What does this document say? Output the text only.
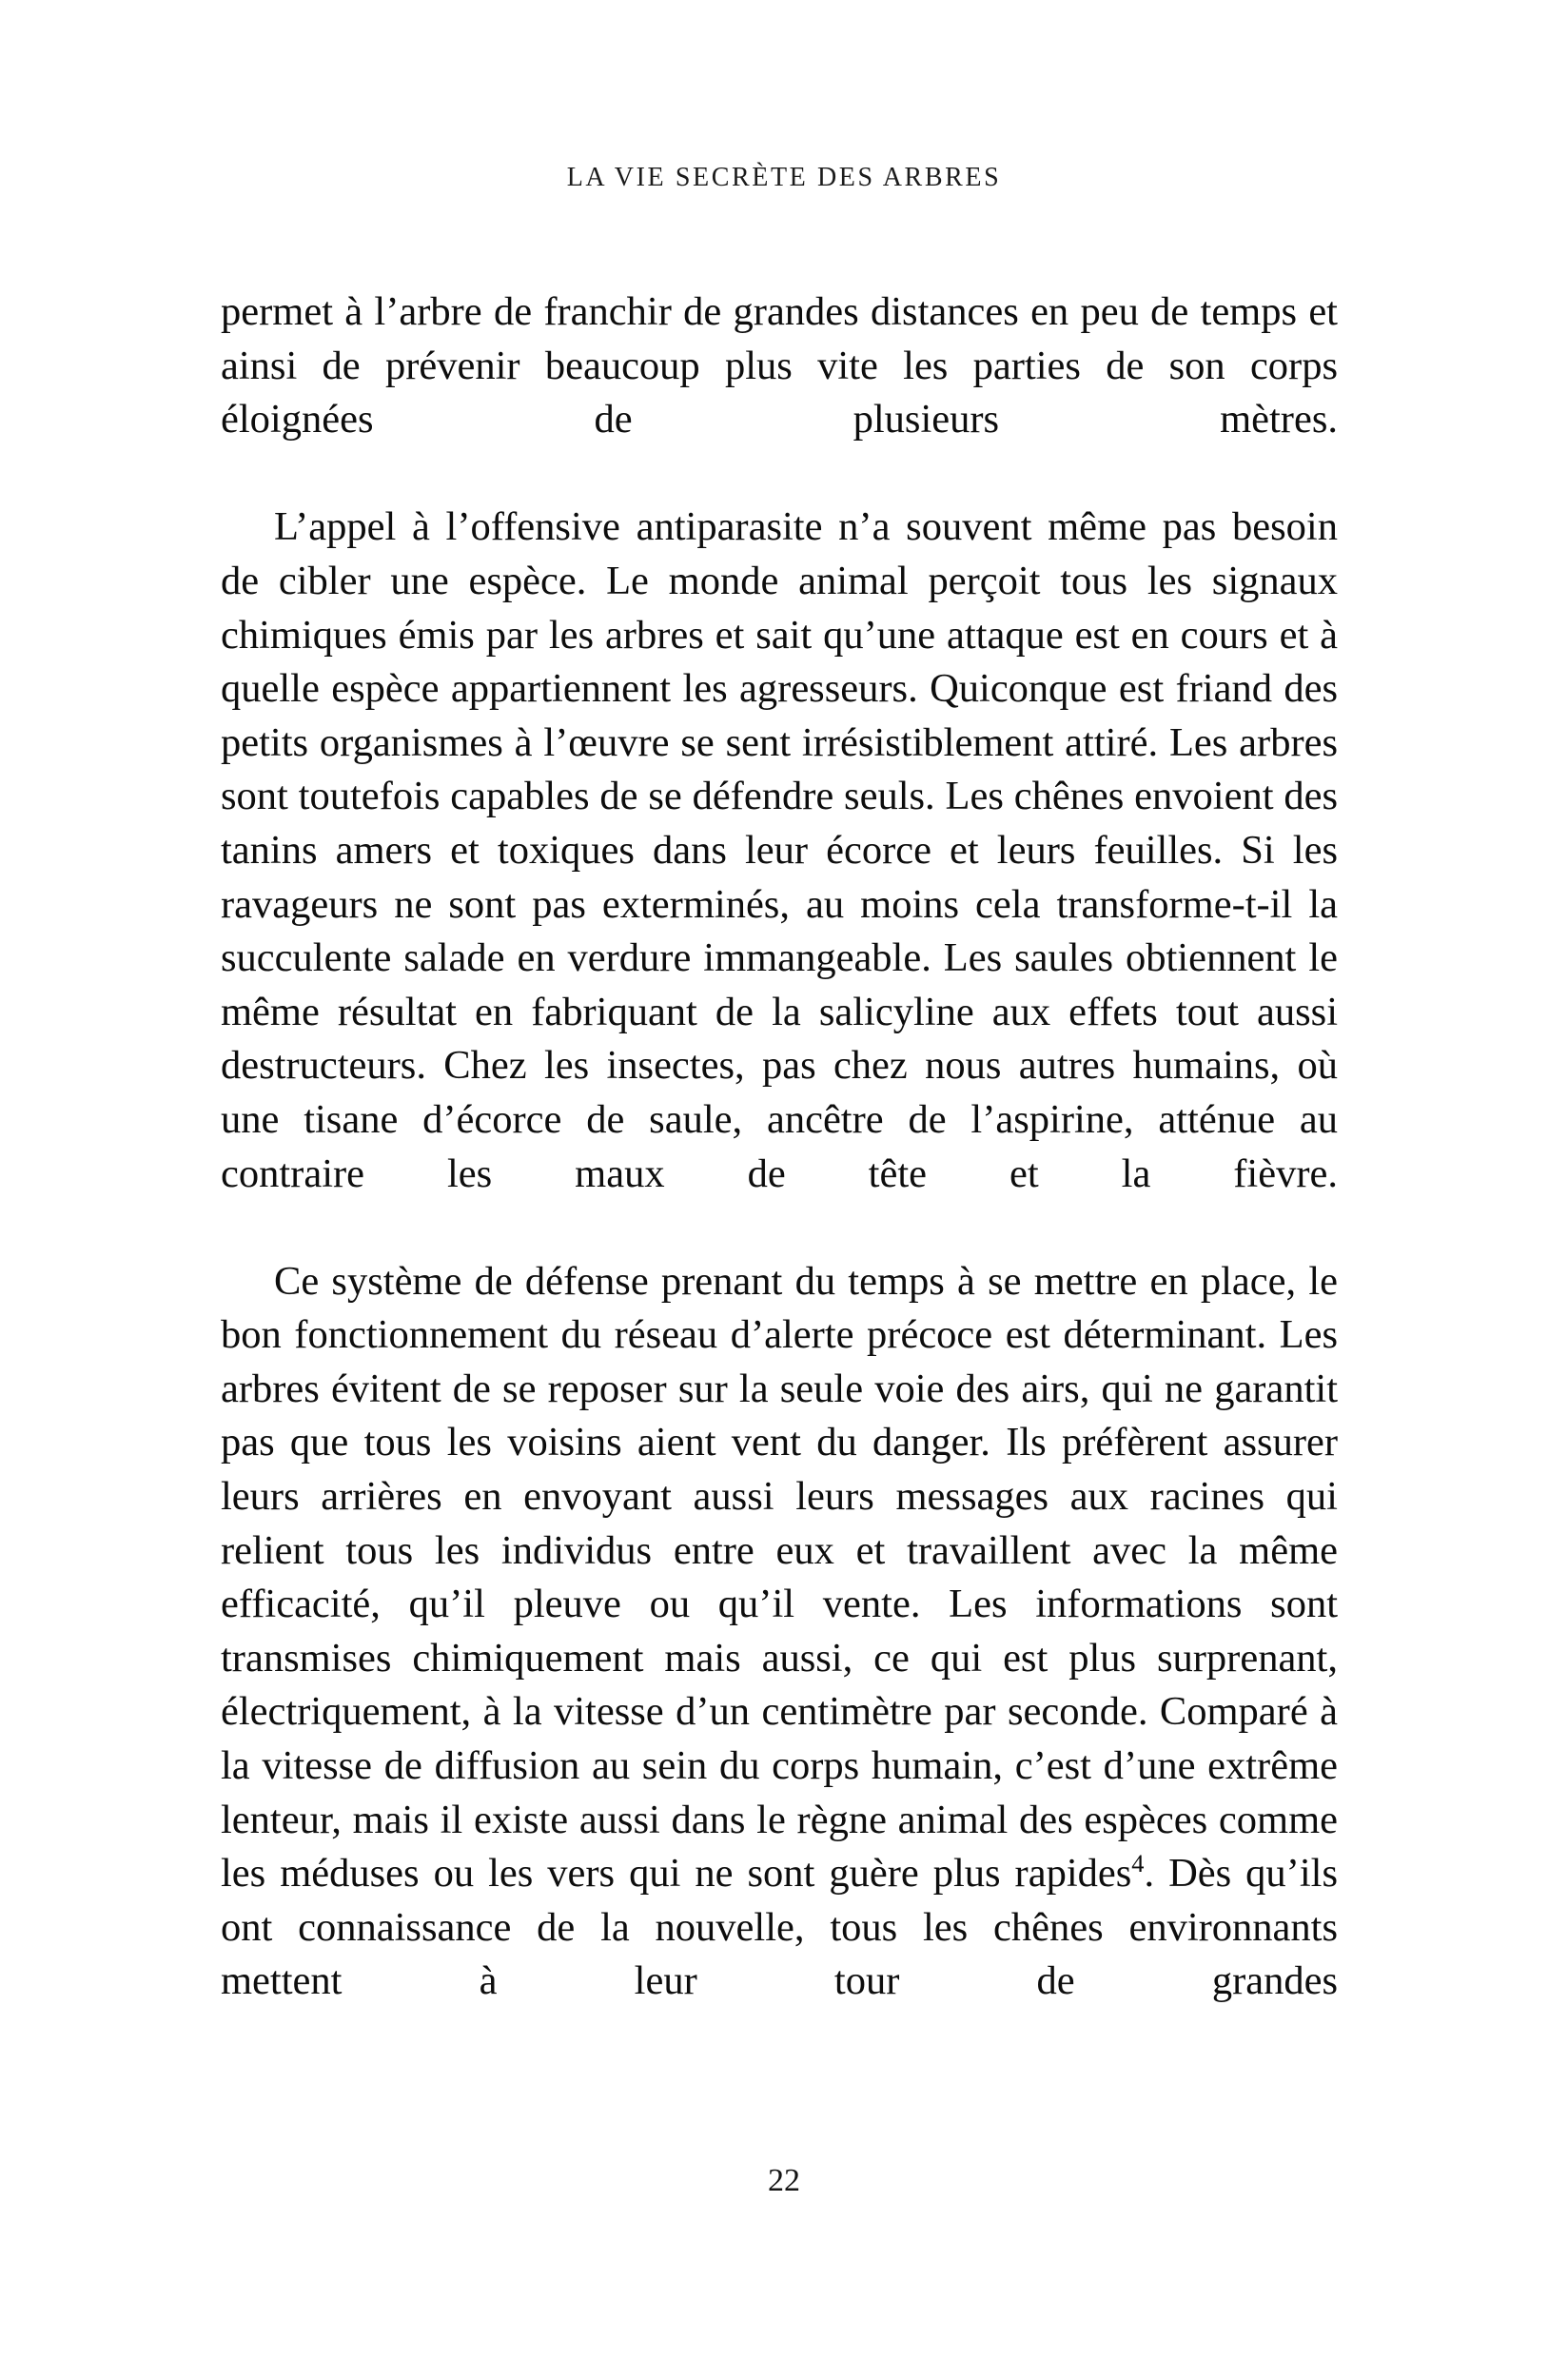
LA VIE SECRÈTE DES ARBRES

permet à l’arbre de franchir de grandes distances en peu de temps et ainsi de prévenir beaucoup plus vite les parties de son corps éloignées de plusieurs mètres.

L’appel à l’offensive antiparasite n’a souvent même pas besoin de cibler une espèce. Le monde animal perçoit tous les signaux chimiques émis par les arbres et sait qu’une attaque est en cours et à quelle espèce appartiennent les agresseurs. Quiconque est friand des petits organismes à l’œuvre se sent irrésistiblement attiré. Les arbres sont toutefois capables de se défendre seuls. Les chênes envoient des tanins amers et toxiques dans leur écorce et leurs feuilles. Si les ravageurs ne sont pas exterminés, au moins cela transforme-t-il la succulente salade en verdure immangeable. Les saules obtiennent le même résultat en fabriquant de la salicyline aux effets tout aussi destructeurs. Chez les insectes, pas chez nous autres humains, où une tisane d’écorce de saule, ancêtre de l’aspirine, atténue au contraire les maux de tête et la fièvre.

Ce système de défense prenant du temps à se mettre en place, le bon fonctionnement du réseau d’alerte précoce est déterminant. Les arbres évitent de se reposer sur la seule voie des airs, qui ne garantit pas que tous les voisins aient vent du danger. Ils préfèrent assurer leurs arrières en envoyant aussi leurs messages aux racines qui relient tous les individus entre eux et travaillent avec la même efficacité, qu’il pleuve ou qu’il vente. Les informations sont transmises chimiquement mais aussi, ce qui est plus surprenant, électriquement, à la vitesse d’un centimètre par seconde. Comparé à la vitesse de diffusion au sein du corps humain, c’est d’une extrême lenteur, mais il existe aussi dans le règne animal des espèces comme les méduses ou les vers qui ne sont guère plus rapides$^4$. Dès qu’ils ont connaissance de la nouvelle, tous les chênes environnants mettent à leur tour de grandes

22
